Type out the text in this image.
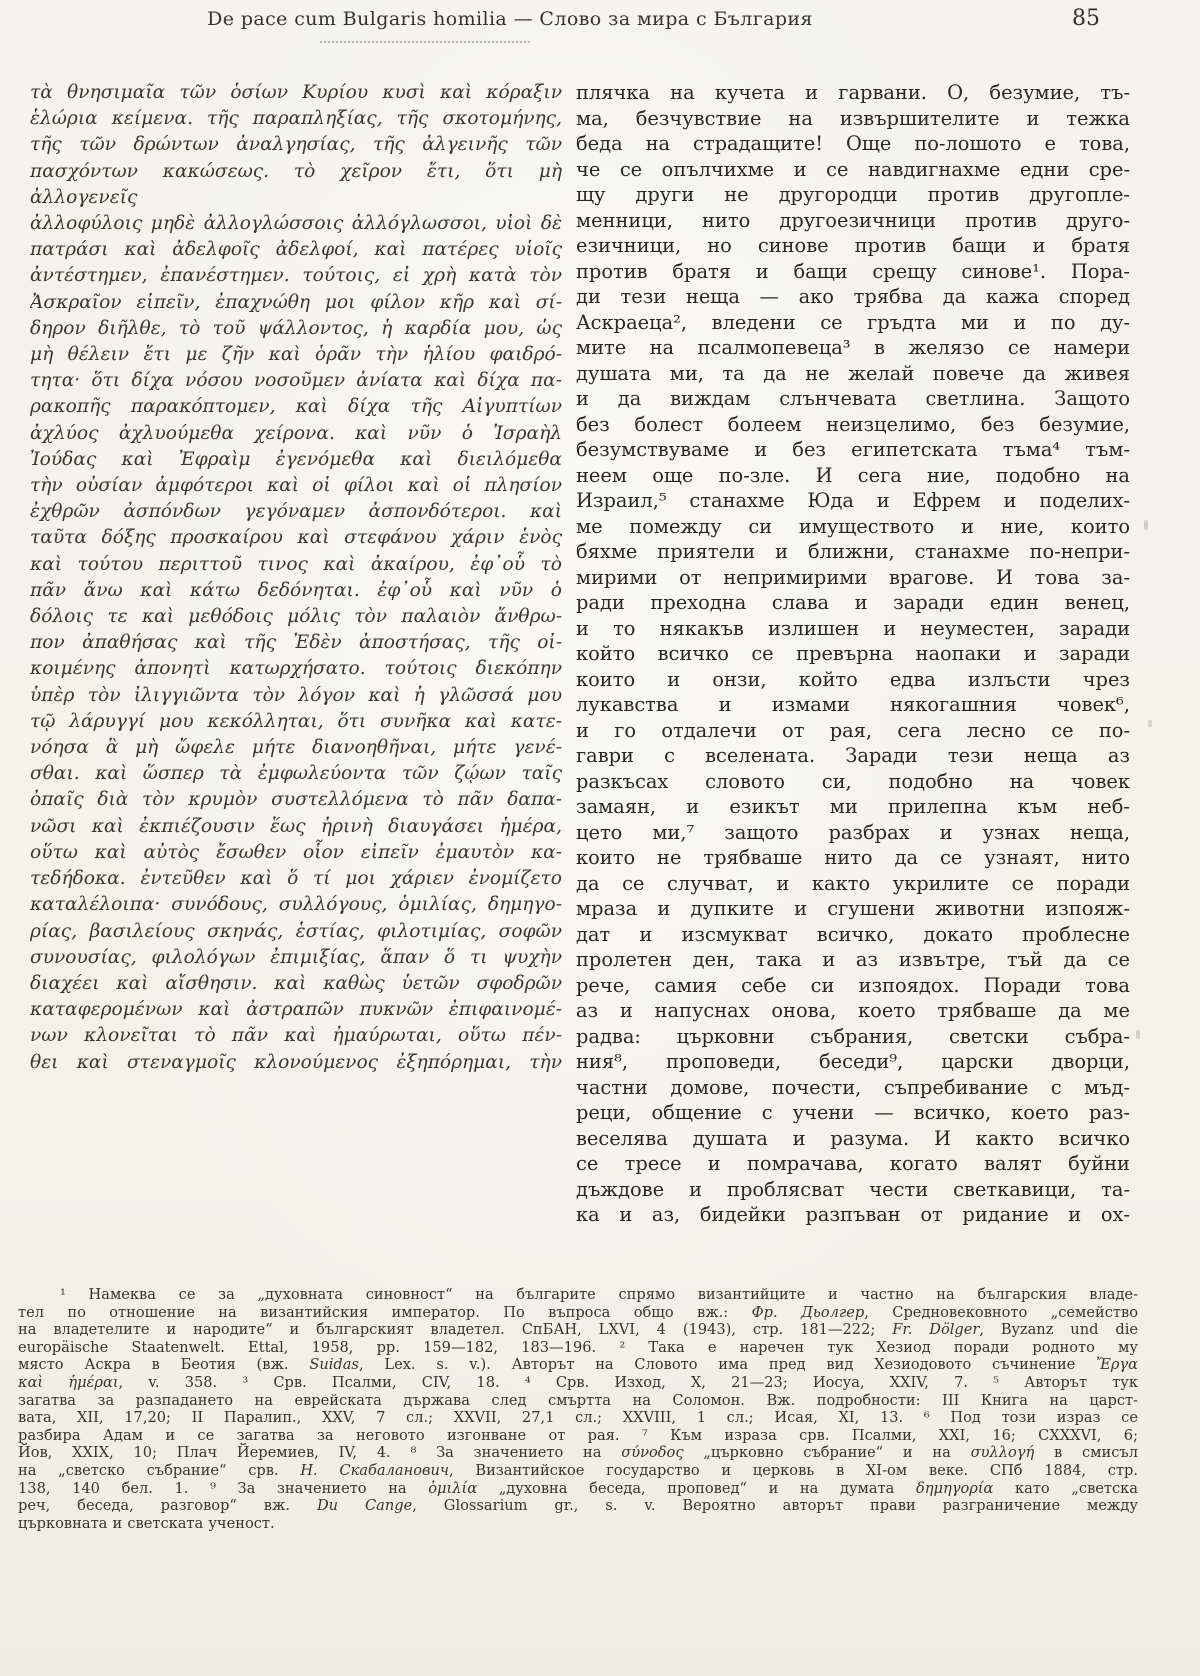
De pace cum Bulgaris homilia — Слово за мира с България	85
τὰ θνησιμαῖα τῶν ὁσίων Κυρίου κυσὶ καὶ κόραξιν
ἑλώρια κείμενα. τῆς παραπληξίας, τῆς σκοτομήνης,
τῆς τῶν δρώντων ἀναλγησίας, τῆς ἀλγεινῆς τῶν
πασχόντων κακώσεως. τὸ χεῖρον ἔτι, ὅτι μὴ ἀλλογενεῖς
ἀλλοφύλοις μηδὲ ἀλλογλώσσοις ἀλλόγλωσσοι, υἱοὶ δὲ
πατράσι καὶ ἀδελφοῖς ἀδελφοί, καὶ πατέρες υἱοῖς
ἀντέστημεν, ἐπανέστημεν. τούτοις, εἰ χρὴ κατὰ τὸν
Ἀσκραῖον εἰπεῖν, ἐπαχνώθη μοι φίλον κῆρ καὶ σί-
δηρον διῆλθε, τὸ τοῦ ψάλλοντος, ἡ καρδία μου, ὡς
μὴ θέλειν ἔτι με ζῆν καὶ ὁρᾶν τὴν ἡλίου φαιδρό-
τητα· ὅτι δίχα νόσου νοσοῦμεν ἀνίατα καὶ δίχα πα-
ρακοπῆς παρακόπτομεν, καὶ δίχα τῆς Αἰγυπτίων
ἀχλύος ἀχλυούμεθα χείρονα. καὶ νῦν ὁ Ἰσραὴλ
Ἰούδας καὶ Ἐφραὶμ ἐγενόμεθα καὶ διειλόμεθα
τὴν οὐσίαν ἀμφότεροι καὶ οἱ φίλοι καὶ οἱ πλησίον
ἐχθρῶν ἀσπόνδων γεγόναμεν ἀσπονδότεροι. καὶ
ταῦτα δόξης προσκαίρου καὶ στεφάνου χάριν ἑνὸς
καὶ τούτου περιττοῦ τινος καὶ ἀκαίρου, ἐφ᾽οὗ τὸ
πᾶν ἄνω καὶ κάτω δεδόνηται. ἐφ᾽οὗ καὶ νῦν ὁ
δόλοις τε καὶ μεθόδοις μόλις τὸν παλαιὸν ἄνθρω-
πον ἀπαθήσας καὶ τῆς Ἐδὲν ἀποστήσας, τῆς οἰ-
κοιμένης ἀπονητὶ κατωρχήσατο. τούτοις διεκόπην
ὑπὲρ τὸν ἰλιγγιῶντα τὸν λόγον καὶ ἡ γλῶσσά μου
τῷ λάρυγγί μου κεκόλληται, ὅτι συνῆκα καὶ κατε-
νόησα ἃ μὴ ὤφελε μήτε διανοηθῆναι, μήτε γενέ-
σθαι. καὶ ὥσπερ τὰ ἐμφωλεύοντα τῶν ζῴων ταῖς
ὀπαῖς διὰ τὸν κρυμὸν συστελλόμενα τὸ πᾶν δαπα-
νῶσι καὶ ἐκπιέζουσιν ἕως ἠρινὴ διαυγάσει ἡμέρα,
οὕτω καὶ αὐτὸς ἔσωθεν οἷον εἰπεῖν ἐμαυτὸν κα-
τεδήδοκα. ἐντεῦθεν καὶ ὅ τί μοι χάριεν ἐνομίζετο
καταλέλοιπα· συνόδους, συλλόγους, ὁμιλίας, δημηγο-
ρίας, βασιλείους σκηνάς, ἑστίας, φιλοτιμίας, σοφῶν
συνουσίας, φιλολόγων ἐπιμιξίας, ἅπαν ὅ τι ψυχὴν
διαχέει καὶ αἴσθησιν. καὶ καθὼς ὑετῶν σφοδρῶν
καταφερομένων καὶ ἀστραπῶν πυκνῶν ἐπιφαινομέ-
νων κλονεῖται τὸ πᾶν καὶ ἠμαύρωται, οὕτω πέν-
θει καὶ στεναγμοῖς κλονούμενος ἐξηπόρημαι, τὴν
плячка на кучета и гарвани. О, безумие, тъ-
ма, безчувствие на извършителите и тежка
беда на страдащите! Още по-лошото е това,
че се опълчихме и се навдигнахме едни сре-
щу други не другородци против другопле-
менници, нито другоезичници против друго-
езичници, но синове против бащи и братя
против братя и бащи срещу синове¹. Пора-
ди тези неща — ако трябва да кажа според
Аскраеца², вледени се гръдта ми и по ду-
мите на псалмопевеца³ в желязо се намери
душата ми, та да не желай повече да живея
и да виждам слънчевата светлина. Защото
без болест болеем неизцелимо, без безумие,
безумствуваме и без египетската тъма⁴ тъм-
неем още по-зле. И сега ние, подобно на
Израил,⁵ станахме Юда и Ефрем и поделих-
ме помежду си имуществото и ние, които
бяхме приятели и ближни, станахме по-непри-
мирими от непримирими врагове. И това за-
ради преходна слава и заради един венец,
и то някакъв излишен и неуместен, заради
който всичко се превърна наопаки и заради
които и онзи, който едва излъсти чрез
лукавства и измами някогашния човек⁶,
и го отдалечи от рая, сега лесно се по-
гаври с вселената. Заради тези неща аз
разкъсах словото си, подобно на човек
замаян, и езикът ми прилепна към неб-
цето ми,⁷ защото разбрах и узнах неща,
които не трябваше нито да се узнаят, нито
да се случват, и както укрилите се поради
мраза и дупките и сгушени животни изпояж-
дат и изсмукват всичко, докато проблесне
пролетен ден, така и аз извътре, тъй да се
рече, самия себе си изпоядох. Поради това
аз и напуснах онова, което трябваше да ме
радва: църковни събрания, светски събра-
ния⁸, проповеди, беседи⁹, царски дворци,
частни домове, почести, съпребивание с мъд-
реци, общение с учени — всичко, което раз-
веселява душата и разума. И както всичко
се тресе и помрачава, когато валят буйни
дъждове и проблясват чести светкавици, та-
ка и аз, бидейки разпъван от ридание и ох-
¹ Намеква се за „духовната синовност“ на българите спрямо византийците и частно на българския владе-
тел по отношение на византийския император. По въпроса общо вж.: Фр. Дьолгер, Средновековното „семейство
на владетелите и народите“ и българският владетел. СпБАН, LXVI, 4 (1943), стр. 181—222; Fr. Dölger, Byzanz und die
europäische Staatenwelt. Ettal, 1958, pp. 159—182, 183—196. ² Така е наречен тук Хезиод поради родното му
място Аскра в Беотия (вж. Suidas, Lex. s. v.). Авторът на Словото има пред вид Хезиодовото съчинение Ἔργα
καὶ ἡμέραι, v. 358. ³ Срв. Псалми, CIV, 18. ⁴ Срв. Изход, X, 21—23; Иосуа, XXIV, 7. ⁵ Авторът тук
загатва за разпадането на еврейската държава след смъртта на Соломон. Вж. подробности: III Книга на царст-
вата, XII, 17,20; II Паралип., XXV, 7 сл.; XXVII, 27,1 сл.; XXVIII, 1 сл.; Исая, XI, 13. ⁶ Под този израз се
разбира Адам и се загатва за неговото изгонване от рая. ⁷ Към израза срв. Псалми, XXI, 16; CXXXVI, 6;
Йов, XXIX, 10; Плач Йеремиев, IV, 4. ⁸ За значението на σύνοδος „църковно събрание“ и на συλλογή в смисъл
на „светско събрание“ срв. Н. Скабаланович, Византийское государство и церковь в XI-ом веке. СПб 1884, стр.
138, 140 бел. 1. ⁹ За значението на ὁμιλία „духовна беседа, проповед“ и на думата δημηγορία като „светска
реч, беседа, разговор“ вж. Du Cange, Glossarium gr., s. v. Вероятно авторът прави разграничение между
църковната и светската ученост.
